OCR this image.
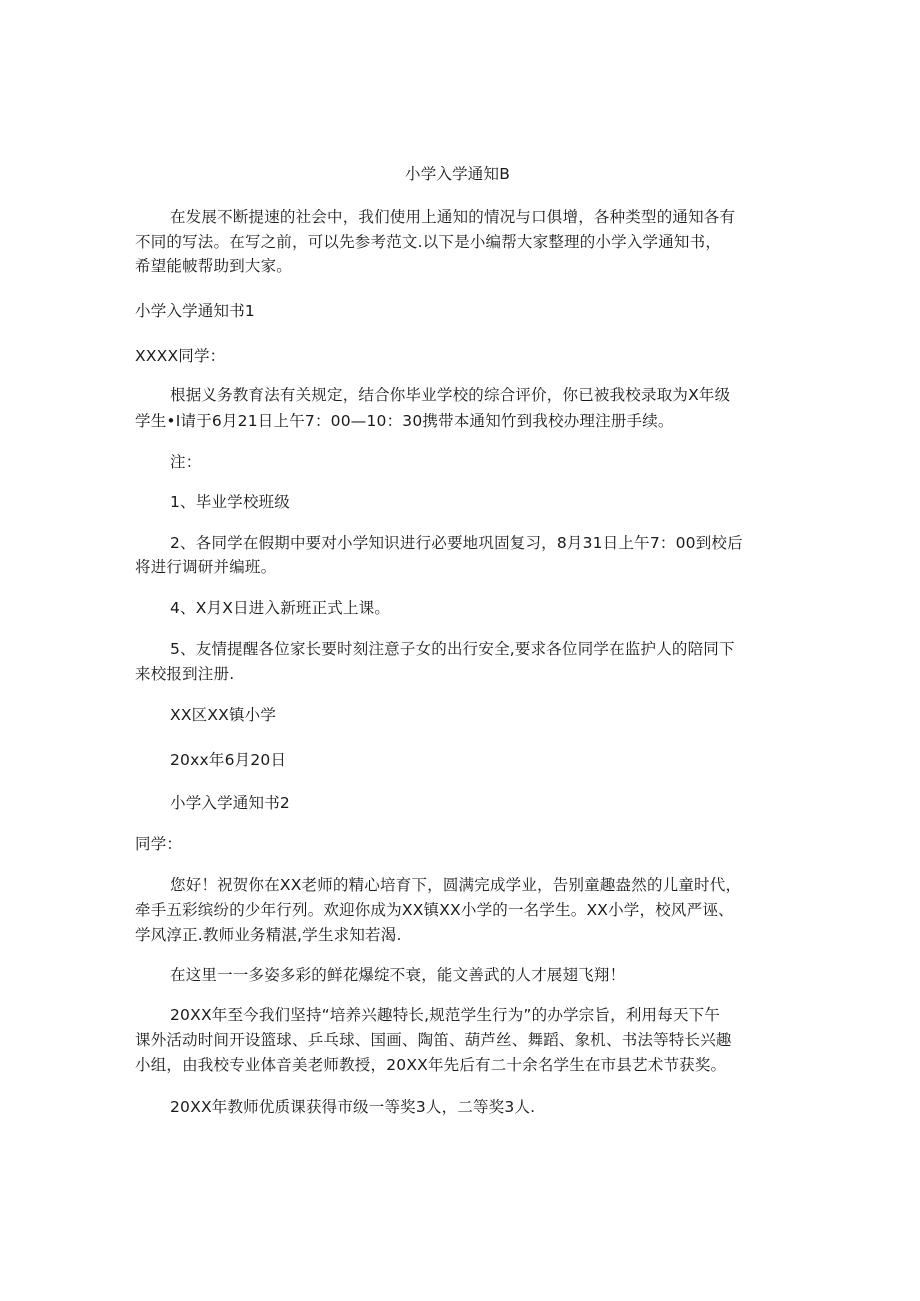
小学入学通知B
在发展不断提速的社会中，我们使用上通知的情况与口俱增，各种类型的通知各有
不同的写法。在写之前，可以先参考范文.以下是小编帮大家整理的小学入学通知书，
希望能帔帮助到大家。
小学入学通知书1
XXXX同学：
根据义务教育法有关规定，结合你毕业学校的综合评价，你已被我校录取为X年级
学生•I请于6月21日上午7：00—10：30携带本通知竹到我校办理注册手续。
注：
1、毕业学校班级
2、各同学在假期中要对小学知识进行必要地巩固复习，8月31日上午7：00到校后
将进行调研并编班。
4、X月X日进入新班正式上课。
5、友情提醒各位家长要时刻注意子女的出行安全,要求各位同学在监护人的陪同下
来校报到注册.
XX区XX镇小学
20xx年6月20日
小学入学通知书2
同学：
您好！祝贺你在XX老师的精心培育下，圆满完成学业，告别童趣盎然的儿童时代，
牵手五彩缤纷的少年行列。欢迎你成为XX镇XX小学的一名学生。XX小学，校风严诬、
学风淳正.教师业务精湛,学生求知若渴.
在这里一一多姿多彩的鲜花爆绽不衰，能文善武的人才展翅飞翔！
20XX年至今我们坚持“培养兴趣特长,规范学生行为”的办学宗旨，利用每天下午
课外活动时间开设篮球、乒乓球、国画、陶笛、葫芦丝、舞蹈、象机、书法等特长兴趣
小组，由我校专业体音美老师教授，20XX年先后有二十余名学生在市县艺术节获奖。
20XX年教师优质课获得市级一等奖3人，二等奖3人.
